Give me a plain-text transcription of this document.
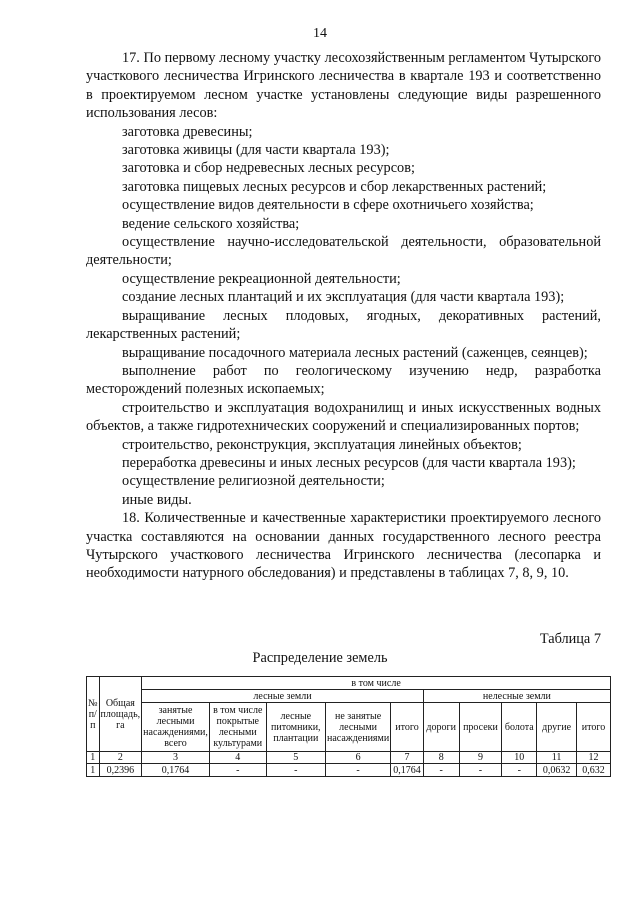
14

17. По первому лесному участку лесохозяйственным регламентом Чутырского участкового лесничества Игринского лесничества в квартале 193 и соответственно в проектируемом лесном участке установлены следующие виды разрешенного использования лесов:

заготовка древесины;

заготовка живицы (для части квартала 193);

заготовка и сбор недревесных лесных ресурсов;

заготовка пищевых лесных ресурсов и сбор лекарственных растений;

осуществление видов деятельности в сфере охотничьего хозяйства;

ведение сельского хозяйства;

осуществление научно-исследовательской деятельности, образовательной деятельности;

осуществление рекреационной деятельности;

создание лесных плантаций и их эксплуатация (для части квартала 193);

выращивание лесных плодовых, ягодных, декоративных растений, лекарственных растений;

выращивание посадочного материала лесных растений (саженцев, сеянцев);

выполнение работ по геологическому изучению недр, разработка месторождений полезных ископаемых;

строительство и эксплуатация водохранилищ и иных искусственных водных объектов, а также гидротехнических сооружений и специализированных портов;

строительство, реконструкция, эксплуатация линейных объектов;

переработка древесины и иных лесных ресурсов (для части квартала 193);

осуществление религиозной деятельности;

иные виды.

18. Количественные и качественные характеристики проектируемого лесного участка составляются на основании данных государственного лесного реестра Чутырского участкового лесничества Игринского лесничества (лесопарка и необходимости натурного обследования) и представлены в таблицах 7, 8, 9, 10.

Таблица 7
Распределение земель
№ п/п	Общая площадь, га	в том числе									
		лесные земли					нелесные земли				
		занятые лесными насаждениями, всего	в том числе покрытые лесными культурами	лесные питомники, плантации	не занятые лесными насаждениями	итого	дороги	просеки	болота	другие	итого
1	2	3	4	5	6	7	8	9	10	11	12
1	0,2396	0,1764	-	-	-	0,1764	-	-	-	0,0632	0,632
